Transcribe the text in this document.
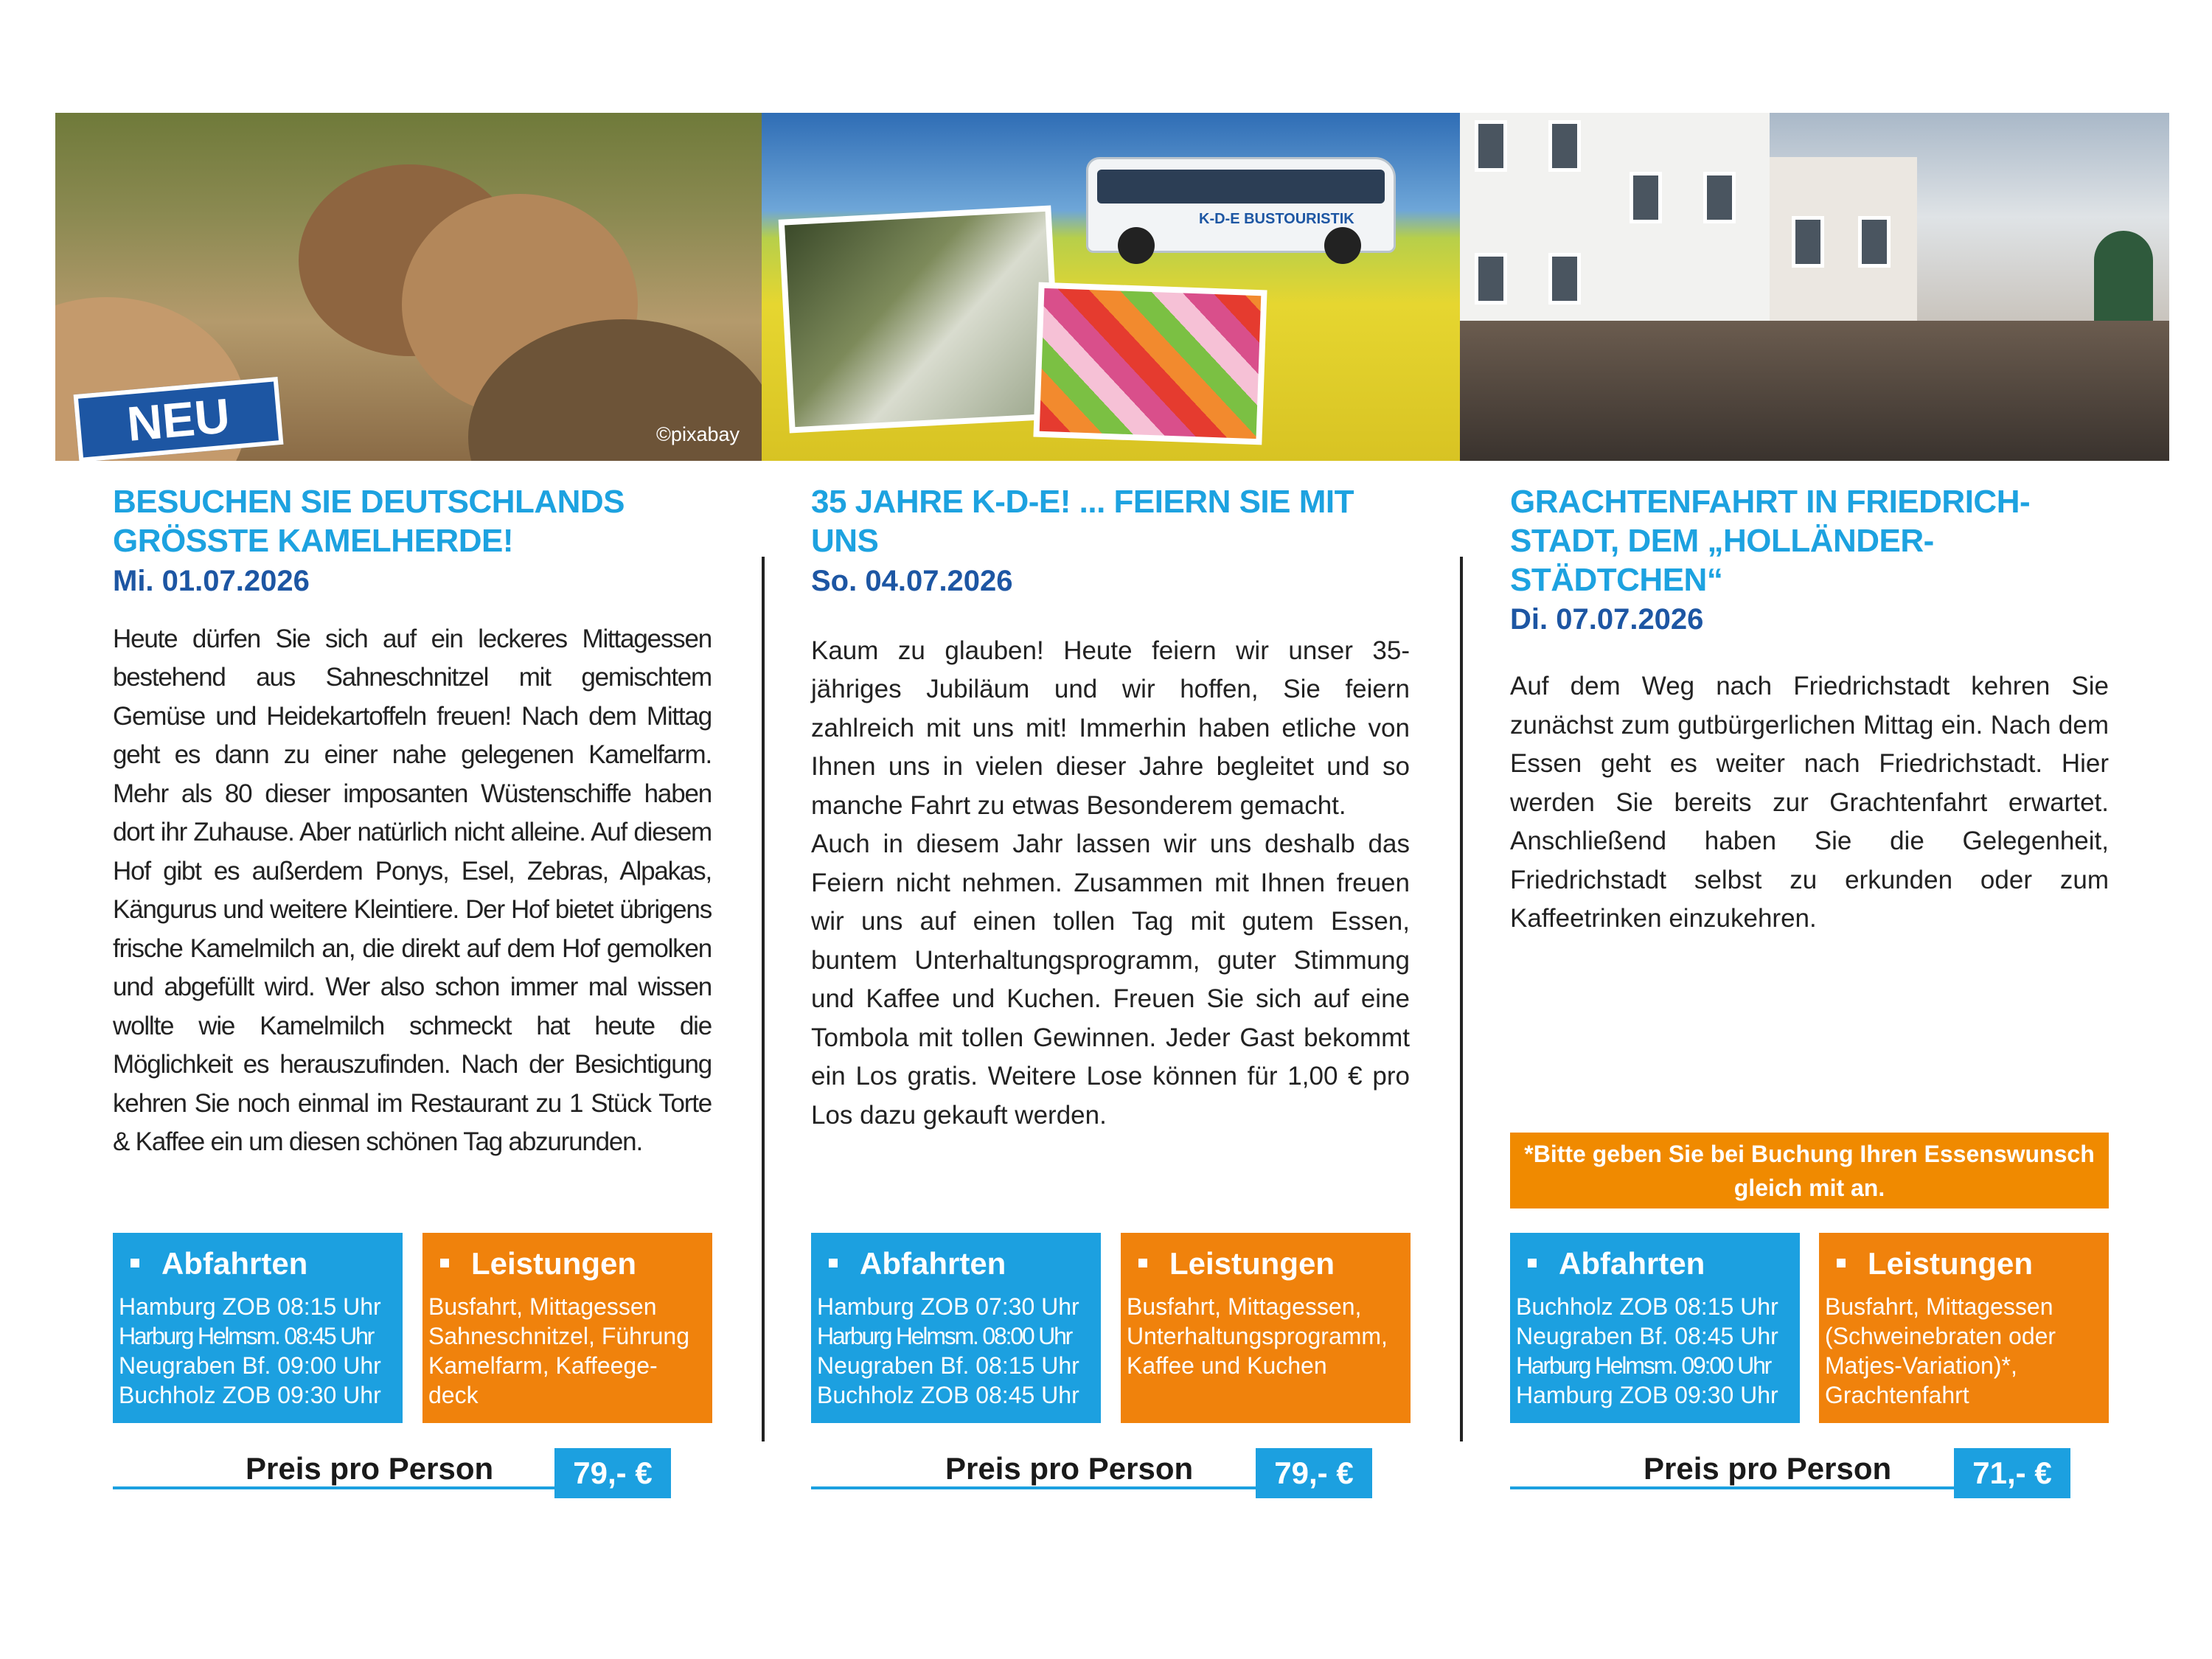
NEU	©pixabay
K-D-E BUSTOURISTIK
BESUCHEN SIE DEUTSCHLANDS GRÖSSTE KAMELHERDE!
Mi. 01.07.2026

Heute dürfen Sie sich auf ein leckeres Mittagessen bestehend aus Sahneschnitzel mit gemischtem Gemüse und Heidekartoffeln freuen! Nach dem Mittag geht es dann zu einer nahe gelegenen Kamelfarm. Mehr als 80 dieser imposanten Wüstenschiffe haben dort ihr Zuhause. Aber natürlich nicht alleine. Auf diesem Hof gibt es außerdem Ponys, Esel, Zebras, Alpakas, Kängurus und weitere Kleintiere. Der Hof bietet übrigens frische Kamelmilch an, die direkt auf dem Hof gemolken und abgefüllt wird. Wer also schon immer mal wissen wollte wie Kamelmilch schmeckt hat heute die Möglichkeit es herauszufinden. Nach der Besichtigung kehren Sie noch einmal im Restaurant zu 1 Stück Torte & Kaffee ein um diesen schönen Tag abzurunden.

Abfahrten
Hamburg ZOB 08:15 Uhr
Harburg Helmsm. 08:45 Uhr
Neugraben Bf. 09:00 Uhr
Buchholz ZOB 09:30 Uhr
Leistungen
Busfahrt, Mittagessen
Sahneschnitzel, Führung
Kamelfarm, Kaffeege-
deck
Preis pro Person	79,- €
35 JAHRE K-D-E! ... FEIERN SIE MIT UNS
So. 04.07.2026

Kaum zu glauben! Heute feiern wir unser 35-jähriges Jubiläum und wir hoffen, Sie feiern zahlreich mit uns mit! Immerhin haben etliche von Ihnen uns in vielen dieser Jahre begleitet und so manche Fahrt zu etwas Besonderem gemacht.

Auch in diesem Jahr lassen wir uns deshalb das Feiern nicht nehmen. Zusammen mit Ihnen freuen wir uns auf einen tollen Tag mit gutem Essen, buntem Unterhaltungsprogramm, guter Stimmung und Kaffee und Kuchen. Freuen Sie sich auf eine Tombola mit tollen Gewinnen. Jeder Gast bekommt ein Los gratis. Weitere Lose können für 1,00 € pro Los dazu gekauft werden.

Abfahrten
Hamburg ZOB 07:30 Uhr
Harburg Helmsm. 08:00 Uhr
Neugraben Bf. 08:15 Uhr
Buchholz ZOB 08:45 Uhr
Leistungen
Busfahrt, Mittagessen,
Unterhaltungsprogramm,
Kaffee und Kuchen
Preis pro Person	79,- €
GRACHTENFAHRT IN FRIEDRICH- STADT, DEM „HOLLÄNDER- STÄDTCHEN“
Di. 07.07.2026

Auf dem Weg nach Friedrichstadt kehren Sie zunächst zum gutbürgerlichen Mittag ein. Nach dem Essen geht es weiter nach Friedrichstadt. Hier werden Sie bereits zur Grachtenfahrt erwartet. Anschließend haben Sie die Gelegenheit, Friedrichstadt selbst zu erkunden oder zum Kaffeetrinken einzukehren.

*Bitte geben Sie bei Buchung Ihren Essenswunsch gleich mit an.
Abfahrten
Buchholz ZOB 08:15 Uhr
Neugraben Bf. 08:45 Uhr
Harburg Helmsm. 09:00 Uhr
Hamburg ZOB 09:30 Uhr
Leistungen
Busfahrt, Mittagessen
(Schweinebraten oder
Matjes-Variation)*,
Grachtenfahrt
Preis pro Person	71,- €
